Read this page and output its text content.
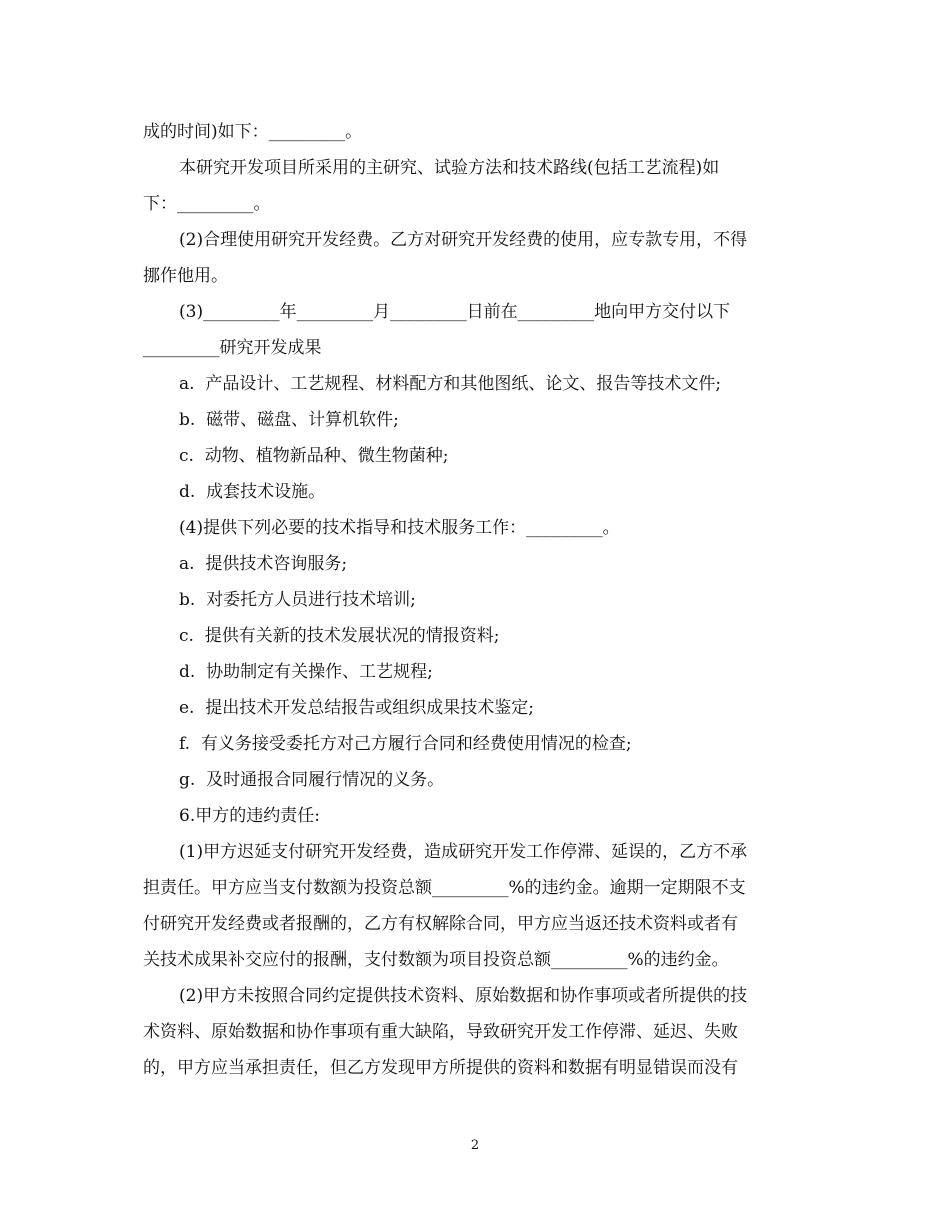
成的时间)如下：_________。
本研究开发项目所采用的主研究、试验方法和技术路线(包括工艺流程)如
下：_________。
(2)合理使用研究开发经费。乙方对研究开发经费的使用，应专款专用，不得
挪作他用。
(3)_________年_________月_________日前在_________地向甲方交付以下
_________研究开发成果
a.  产品设计、工艺规程、材料配方和其他图纸、论文、报告等技术文件;
b.  磁带、磁盘、计算机软件;
c.  动物、植物新品种、微生物菌种;
d.  成套技术设施。
(4)提供下列必要的技术指导和技术服务工作：_________。
a.  提供技术咨询服务;
b.  对委托方人员进行技术培训;
c.  提供有关新的技术发展状况的情报资料;
d.  协助制定有关操作、工艺规程;
e.  提出技术开发总结报告或组织成果技术鉴定;
f.  有义务接受委托方对己方履行合同和经费使用情况的检查;
g.  及时通报合同履行情况的义务。
6.甲方的违约责任:
(1)甲方迟延支付研究开发经费，造成研究开发工作停滞、延误的，乙方不承
担责任。甲方应当支付数额为投资总额_________%的违约金。逾期一定期限不支
付研究开发经费或者报酬的，乙方有权解除合同，甲方应当返还技术资料或者有
关技术成果补交应付的报酬，支付数额为项目投资总额_________%的违约金。
(2)甲方未按照合同约定提供技术资料、原始数据和协作事项或者所提供的技
术资料、原始数据和协作事项有重大缺陷，导致研究开发工作停滞、延迟、失败
的，甲方应当承担责任，但乙方发现甲方所提供的资料和数据有明显错误而没有
2
